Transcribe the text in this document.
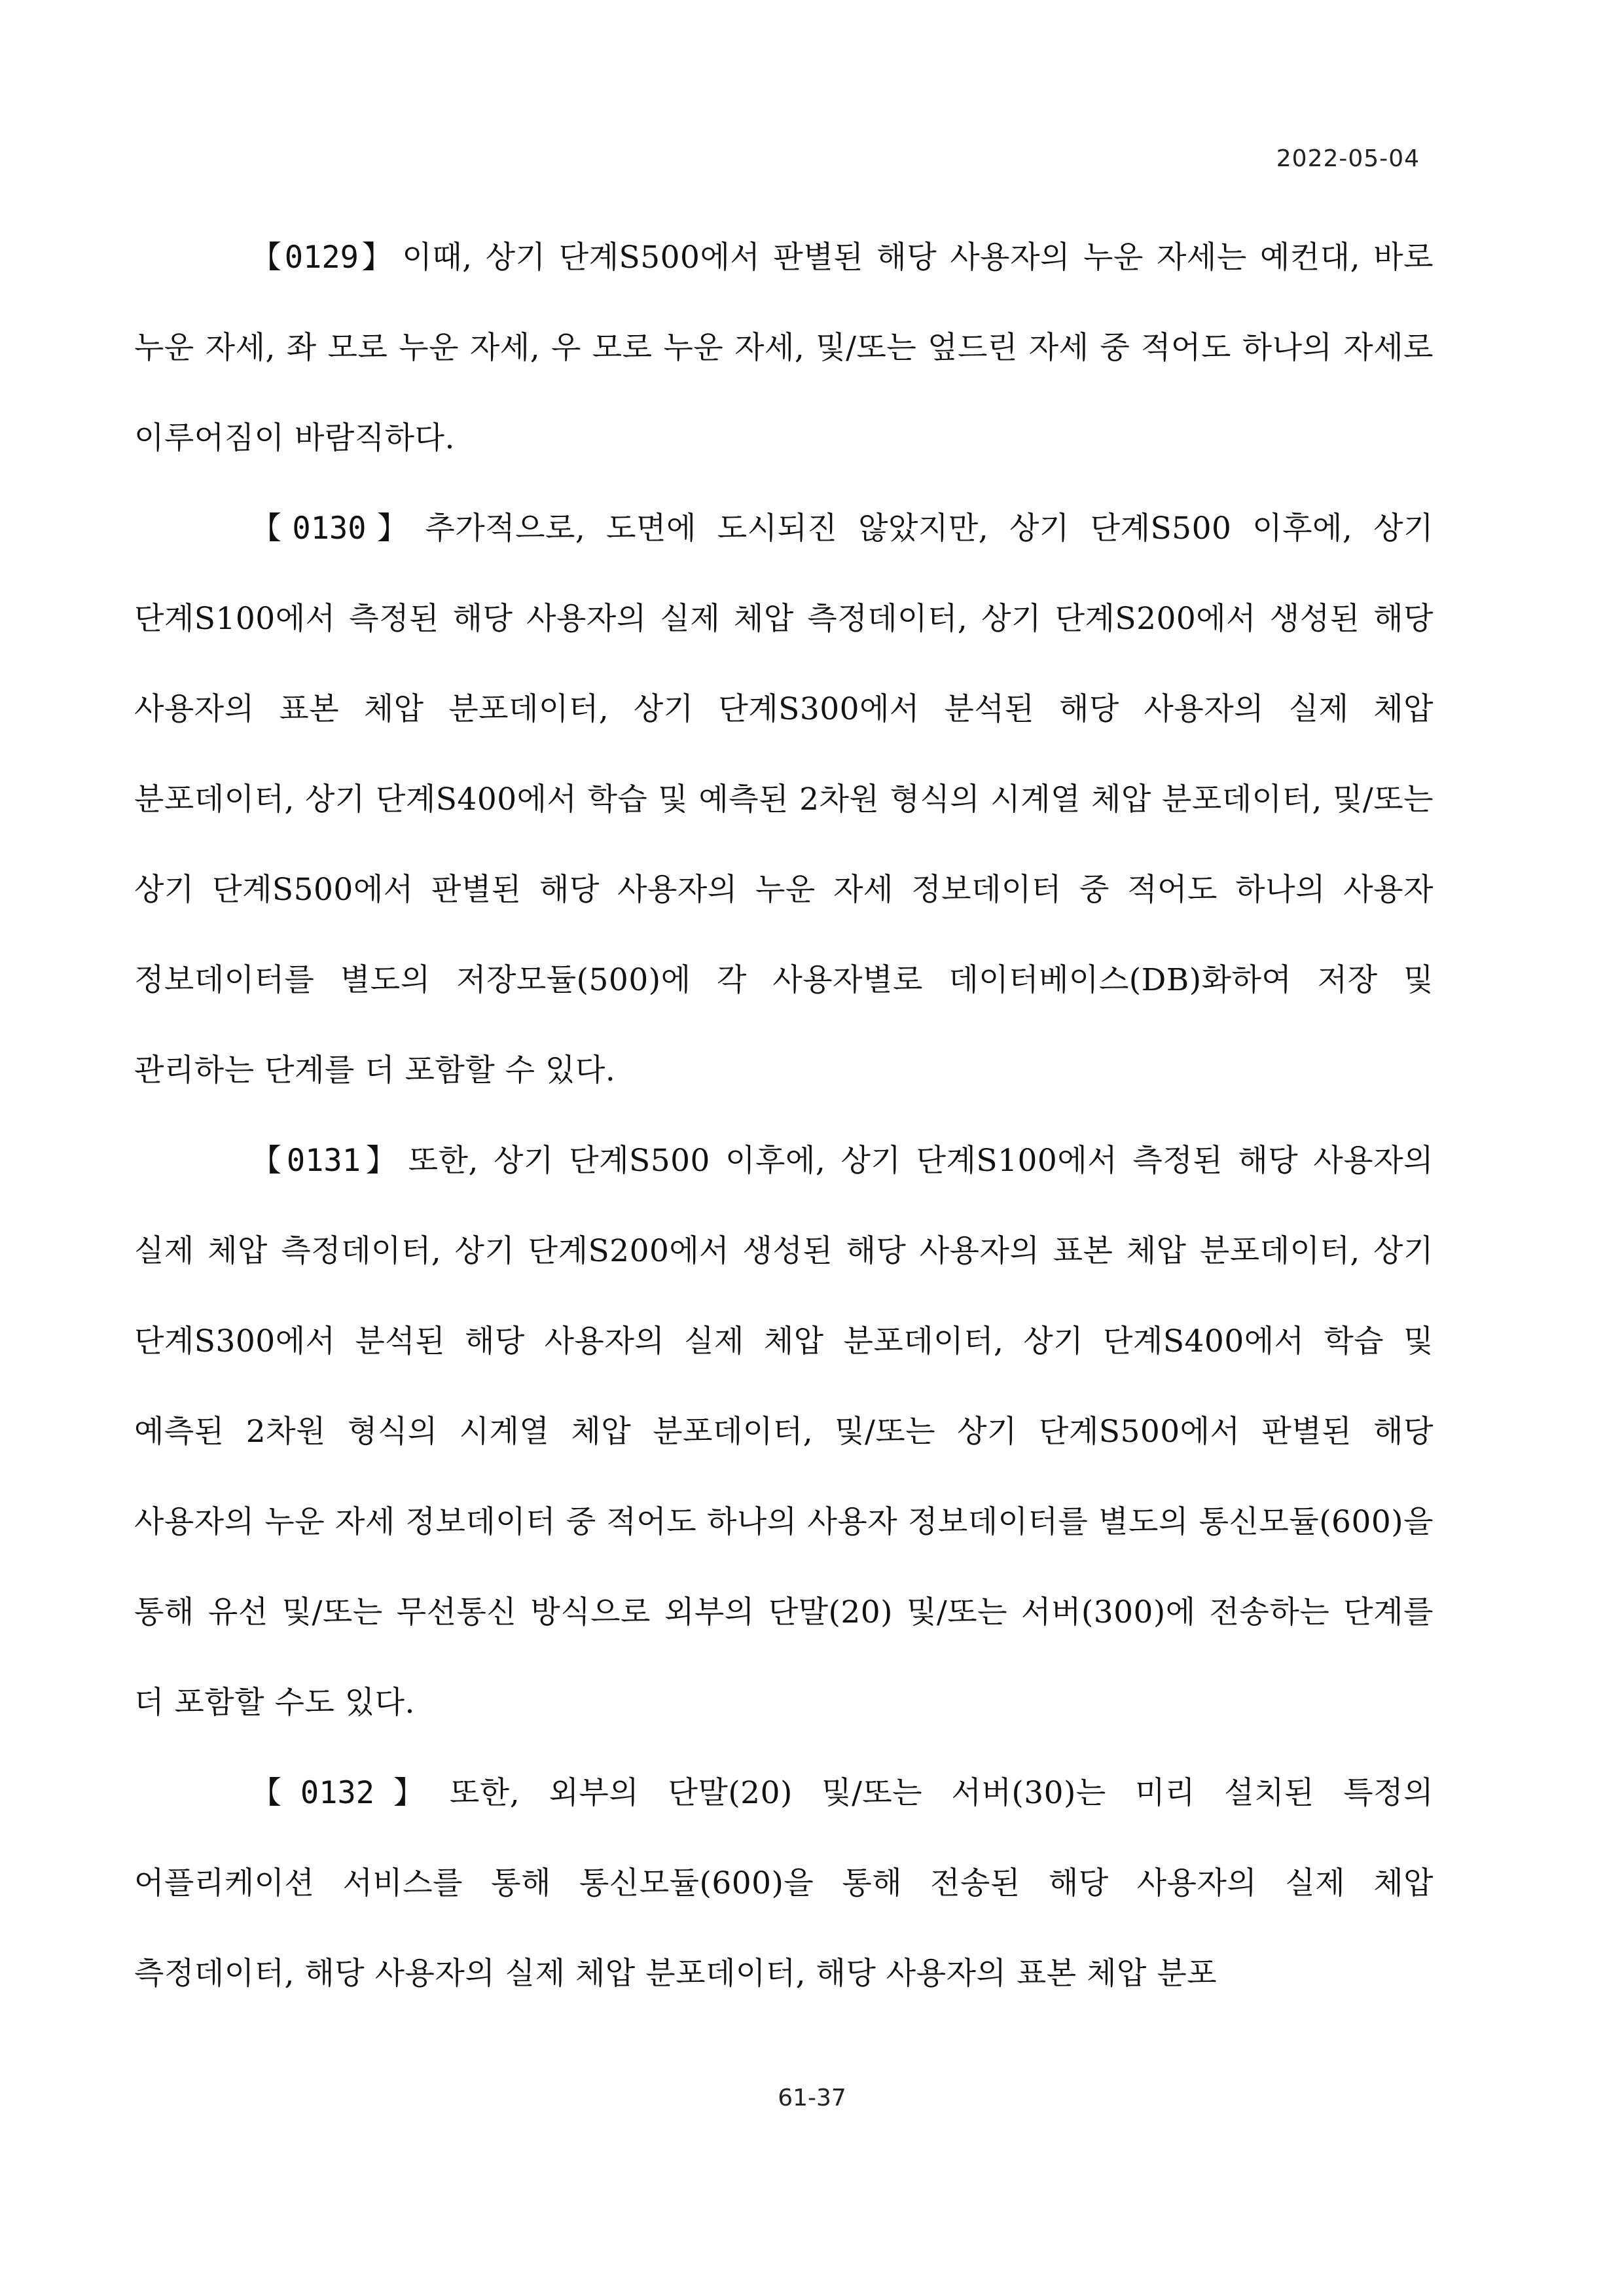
2022-05-04

【0129】 이때, 상기 단계S500에서 판별된 해당 사용자의 누운 자세는 예컨대, 바로 누운 자세, 좌 모로 누운 자세, 우 모로 누운 자세, 및/또는 엎드린 자세 중 적어도 하나의 자세로 이루어짐이 바람직하다.

【0130】 추가적으로, 도면에 도시되진 않았지만, 상기 단계S500 이후에, 상기 단계S100에서 측정된 해당 사용자의 실제 체압 측정데이터, 상기 단계S200에서 생성된 해당 사용자의 표본 체압 분포데이터, 상기 단계S300에서 분석된 해당 사용자의 실제 체압 분포데이터, 상기 단계S400에서 학습 및 예측된 2차원 형식의 시계열 체압 분포데이터, 및/또는 상기 단계S500에서 판별된 해당 사용자의 누운 자세 정보데이터 중 적어도 하나의 사용자 정보데이터를 별도의 저장모듈(500)에 각 사용자별로 데이터베이스(DB)화하여 저장 및 관리하는 단계를 더 포함할 수 있다.

【0131】 또한, 상기 단계S500 이후에, 상기 단계S100에서 측정된 해당 사용자의 실제 체압 측정데이터, 상기 단계S200에서 생성된 해당 사용자의 표본 체압 분포데이터, 상기 단계S300에서 분석된 해당 사용자의 실제 체압 분포데이터, 상기 단계S400에서 학습 및 예측된 2차원 형식의 시계열 체압 분포데이터, 및/또는 상기 단계S500에서 판별된 해당 사용자의 누운 자세 정보데이터 중 적어도 하나의 사용자 정보데이터를 별도의 통신모듈(600)을 통해 유선 및/또는 무선통신 방식으로 외부의 단말(20) 및/또는 서버(300)에 전송하는 단계를 더 포함할 수도 있다.

【0132】 또한, 외부의 단말(20) 및/또는 서버(30)는 미리 설치된 특정의 어플리케이션 서비스를 통해 통신모듈(600)을 통해 전송된 해당 사용자의 실제 체압 측정데이터, 해당 사용자의 실제 체압 분포데이터, 해당 사용자의 표본 체압 분포

61-37
